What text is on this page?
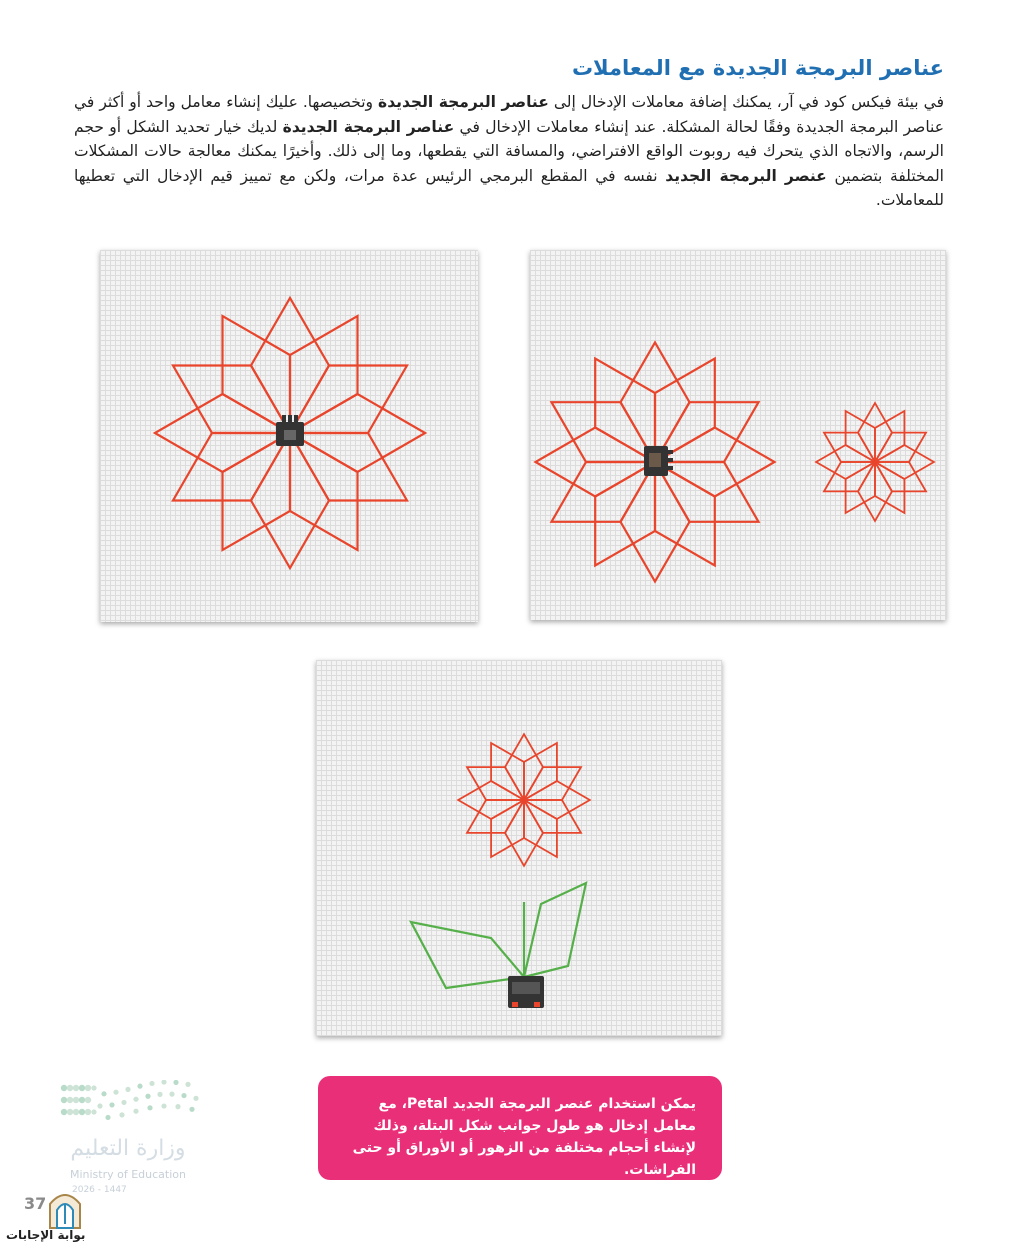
عناصر البرمجة الجديدة مع المعاملات
في بيئة فيكس كود في آر، يمكنك إضافة معاملات الإدخال إلى عناصر البرمجة الجديدة وتخصيصها. عليك إنشاء معامل واحد أو أكثر في عناصر البرمجة الجديدة وفقًا لحالة المشكلة. عند إنشاء معاملات الإدخال في عناصر البرمجة الجديدة لديك خيار تحديد الشكل أو حجم الرسم، والاتجاه الذي يتحرك فيه روبوت الواقع الافتراضي، والمسافة التي يقطعها، وما إلى ذلك. وأخيرًا يمكنك معالجة حالات المشكلات المختلفة بتضمين عنصر البرمجة الجديد نفسه في المقطع البرمجي الرئيس عدة مرات، ولكن مع تمييز قيم الإدخال التي تعطيها للمعاملات.
يمكن استخدام عنصر البرمجة الجديد Petal، مع معامل إدخال هو طول جوانب شكل البتلة، وذلك لإنشاء أحجام مختلفة من الزهور أو الأوراق أو حتى الفراشات.
وزارة التعليم
Ministry of Education
2026 - 1447
37
بوابة الإجابات
